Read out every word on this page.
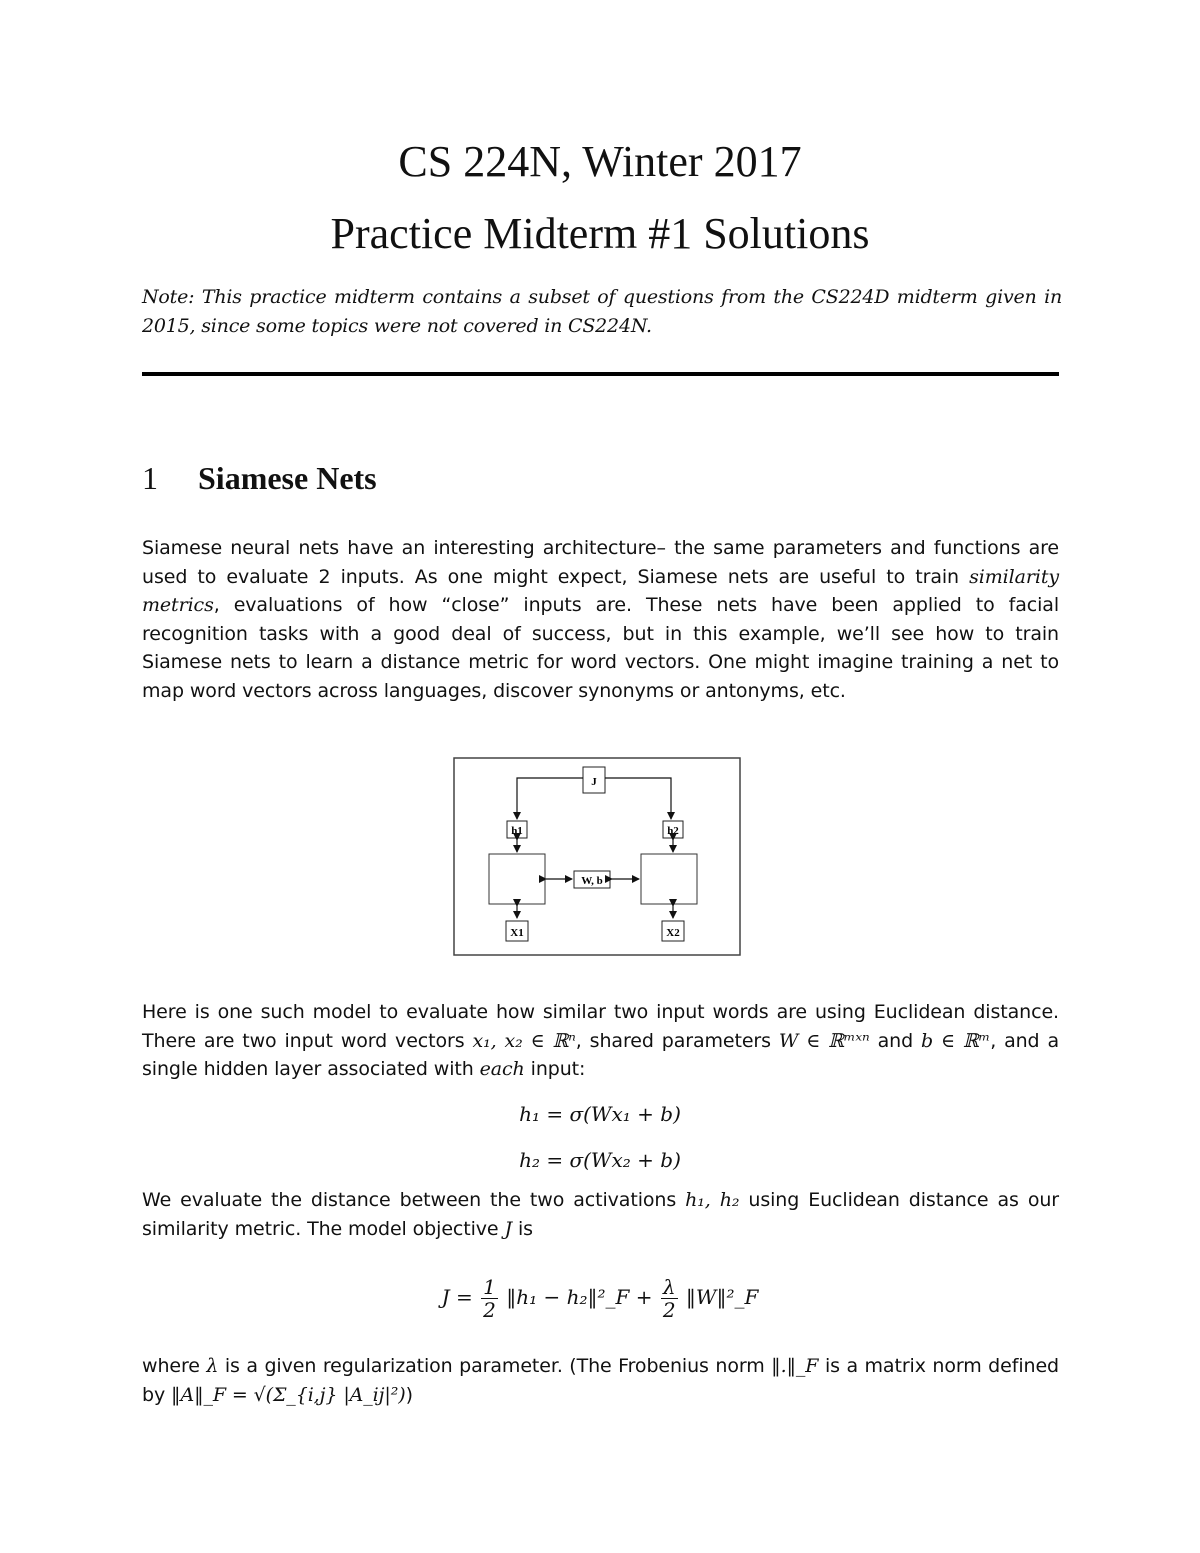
CS 224N, Winter 2017
Practice Midterm #1 Solutions

Note: This practice midterm contains a subset of questions from the CS224D midterm given in 2015, since some topics were not covered in CS224N.

1 Siamese Nets

Siamese neural nets have an interesting architecture– the same parameters and functions are used to evaluate 2 inputs. As one might expect, Siamese nets are useful to train similarity metrics, evaluations of how “close” inputs are. These nets have been applied to facial recognition tasks with a good deal of success, but in this example, we’ll see how to train Siamese nets to learn a distance metric for word vectors. One might imagine training a net to map word vectors across languages, discover synonyms or antonyms, etc.

J
h1	h2
W, b
X1	X2

Here is one such model to evaluate how similar two input words are using Euclidean distance. There are two input word vectors x₁, x₂ ∈ ℝⁿ, shared parameters W ∈ ℝᵐˣⁿ and b ∈ ℝᵐ, and a single hidden layer associated with each input:

h₁ = σ(Wx₁ + b)

h₂ = σ(Wx₂ + b)

We evaluate the distance between the two activations h₁, h₂ using Euclidean distance as our similarity metric. The model objective J is

$J = \frac{1}{2}$ ‖h₁ − h₂‖²_F + $\frac{\lambda}{2}$ ‖W‖²_F

where λ is a given regularization parameter. (The Frobenius norm ‖.‖_F is a matrix norm defined by ‖A‖_F = √(Σ_{i,j} |A_ij|²))
